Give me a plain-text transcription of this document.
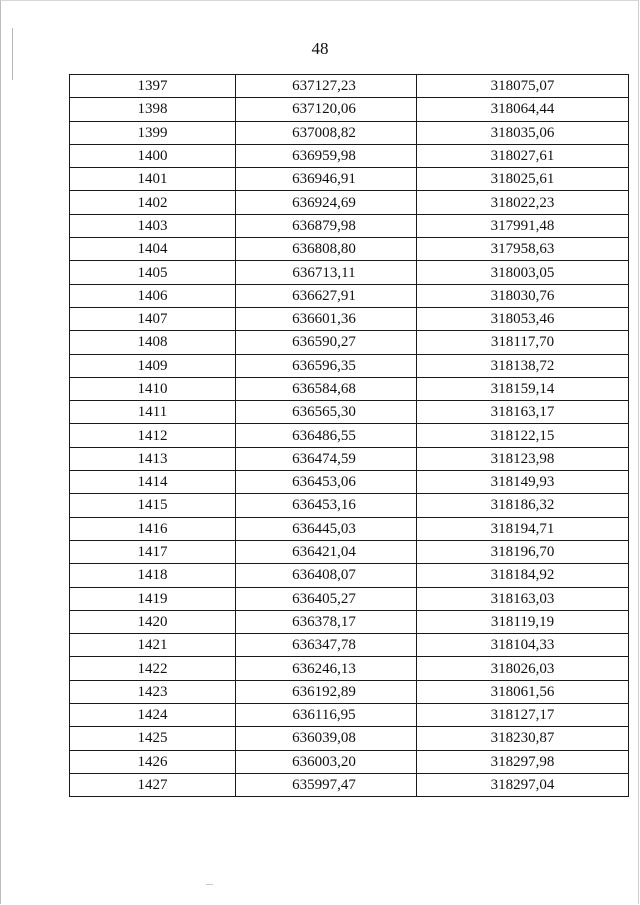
48
1397	637127,23	318075,07
1398	637120,06	318064,44
1399	637008,82	318035,06
1400	636959,98	318027,61
1401	636946,91	318025,61
1402	636924,69	318022,23
1403	636879,98	317991,48
1404	636808,80	317958,63
1405	636713,11	318003,05
1406	636627,91	318030,76
1407	636601,36	318053,46
1408	636590,27	318117,70
1409	636596,35	318138,72
1410	636584,68	318159,14
1411	636565,30	318163,17
1412	636486,55	318122,15
1413	636474,59	318123,98
1414	636453,06	318149,93
1415	636453,16	318186,32
1416	636445,03	318194,71
1417	636421,04	318196,70
1418	636408,07	318184,92
1419	636405,27	318163,03
1420	636378,17	318119,19
1421	636347,78	318104,33
1422	636246,13	318026,03
1423	636192,89	318061,56
1424	636116,95	318127,17
1425	636039,08	318230,87
1426	636003,20	318297,98
1427	635997,47	318297,04
